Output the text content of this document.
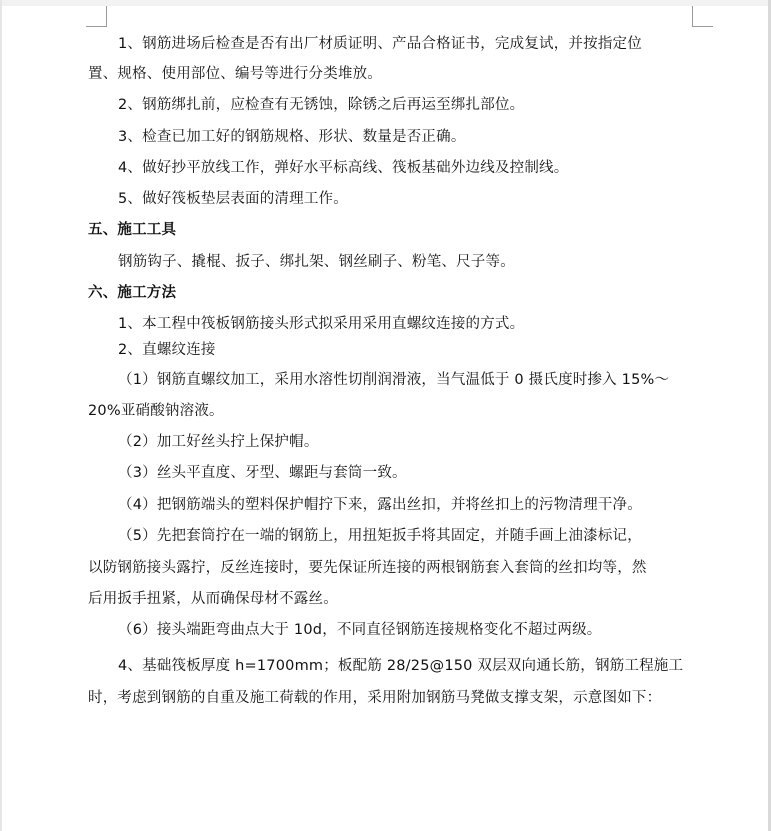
1、钢筋进场后检查是否有出厂材质证明、产品合格证书，完成复试，并按指定位
置、规格、使用部位、编号等进行分类堆放。
2、钢筋绑扎前，应检查有无锈蚀，除锈之后再运至绑扎部位。
3、检查已加工好的钢筋规格、形状、数量是否正确。
4、做好抄平放线工作，弹好水平标高线、筏板基础外边线及控制线。
5、做好筏板垫层表面的清理工作。
五、施工工具
钢筋钩子、撬棍、扳子、绑扎架、钢丝刷子、粉笔、尺子等。
六、施工方法
1、本工程中筏板钢筋接头形式拟采用采用直螺纹连接的方式。
2、直螺纹连接
（1）钢筋直螺纹加工，采用水溶性切削润滑液，当气温低于 0 摄氏度时掺入 15%～
20%亚硝酸钠溶液。
（2）加工好丝头拧上保护帽。
（3）丝头平直度、牙型、螺距与套筒一致。
（4）把钢筋端头的塑料保护帽拧下来，露出丝扣，并将丝扣上的污物清理干净。
（5）先把套筒拧在一端的钢筋上，用扭矩扳手将其固定，并随手画上油漆标记，
以防钢筋接头露拧，反丝连接时，要先保证所连接的两根钢筋套入套筒的丝扣均等，然
后用扳手扭紧，从而确保母材不露丝。
（6）接头端距弯曲点大于 10d，不同直径钢筋连接规格变化不超过两级。
4、基础筏板厚度 h=1700mm；板配筋 28/25@150 双层双向通长筋，钢筋工程施工
时，考虑到钢筋的自重及施工荷载的作用，采用附加钢筋马凳做支撑支架，示意图如下：
